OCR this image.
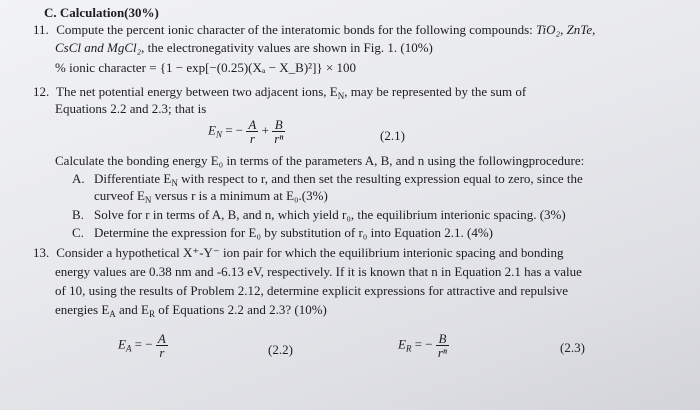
C. Calculation(30%)
11. Compute the percent ionic character of the interatomic bonds for the following compounds: TiO₂, ZnTe,
CsCl and MgCl₂, the electronegativity values are shown in Fig. 1. (10%)
% ionic character = {1 − exp[−(0.25)(Xₐ − X_B)²]} × 100
12. The net potential energy between two adjacent ions, $E_N$, may be represented by the sum of
Equations 2.2 and 2.3; that is
$E_N$ = − $\frac{A}{r} + \frac{B}{\text{rⁿ}}$	(2.1)
Calculate the bonding energy E₀ in terms of the parameters A, B, and n using the followingprocedure:
A. Differentiate $E_N$ with respect to r, and then set the resulting expression equal to zero, since the
curveof $E_N$ versus r is a minimum at E₀.(3%)
B. Solve for r in terms of A, B, and n, which yield r₀, the equilibrium interionic spacing. (3%)
C. Determine the expression for E₀ by substitution of r₀ into Equation 2.1. (4%)
13. Consider a hypothetical X⁺-Y⁻ ion pair for which the equilibrium interionic spacing and bonding
energy values are 0.38 nm and -6.13 eV, respectively. If it is known that n in Equation 2.1 has a value
of 10, using the results of Problem 2.12, determine explicit expressions for attractive and repulsive
energies $E_A$ and $E_R$ of Equations 2.2 and 2.3? (10%)
$E_A$ = − $\frac{A}{r}$	(2.2)	$E_R$ = − $\frac{B}{\text{rⁿ}}$	(2.3)
